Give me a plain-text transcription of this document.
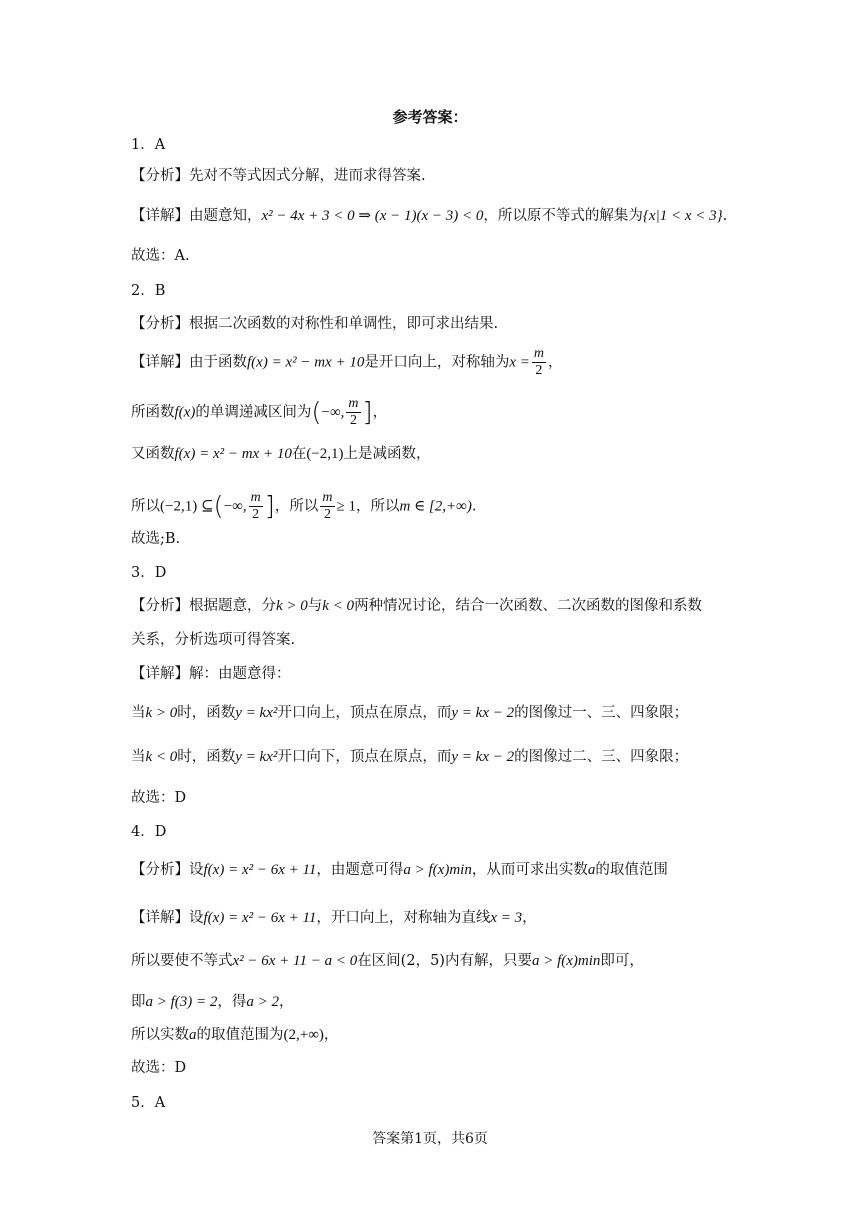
参考答案：
1．A
【分析】先对不等式因式分解，进而求得答案.
【详解】由题意知，x² − 4x + 3 < 0 ⇒ (x − 1)(x − 3) < 0，所以原不等式的解集为{x|1 < x < 3}.
故选：A.
2．B
【分析】根据二次函数的对称性和单调性，即可求出结果.
【详解】由于函数f(x) = x² − mx + 10是开口向上，对称轴为$x = \frac{m}{2}$ ，
所函数f(x)的单调递减区间为(−∞, $\frac{m}{2}$ ]，
又函数f(x) = x² − mx + 10在(−2,1)上是减函数，
所以(−2,1) ⊆(−∞, $\frac{m}{2}$ ]，所以 $\frac{m}{2} \ge 1$，所以m ∈ [2,+∞).
故选;B.
3．D
【分析】根据题意，分k > 0与k < 0两种情况讨论，结合一次函数、二次函数的图像和系数
关系，分析选项可得答案.
【详解】解：由题意得：
当k > 0时，函数y = kx²开口向上，顶点在原点，而y = kx − 2的图像过一、三、四象限；
当k < 0时，函数y = kx²开口向下，顶点在原点，而y = kx − 2的图像过二、三、四象限；
故选：D
4．D
【分析】设f(x) = x² − 6x + 11，由题意可得a > f(x)min，从而可求出实数a的取值范围
【详解】设f(x) = x² − 6x + 11，开口向上，对称轴为直线x = 3，
所以要使不等式x² − 6x + 11 − a < 0在区间(2，5)内有解，只要a > f(x)min即可，
即a > f(3) = 2，得a > 2，
所以实数a的取值范围为(2,+∞)，
故选：D
5．A
答案第1页，共6页
